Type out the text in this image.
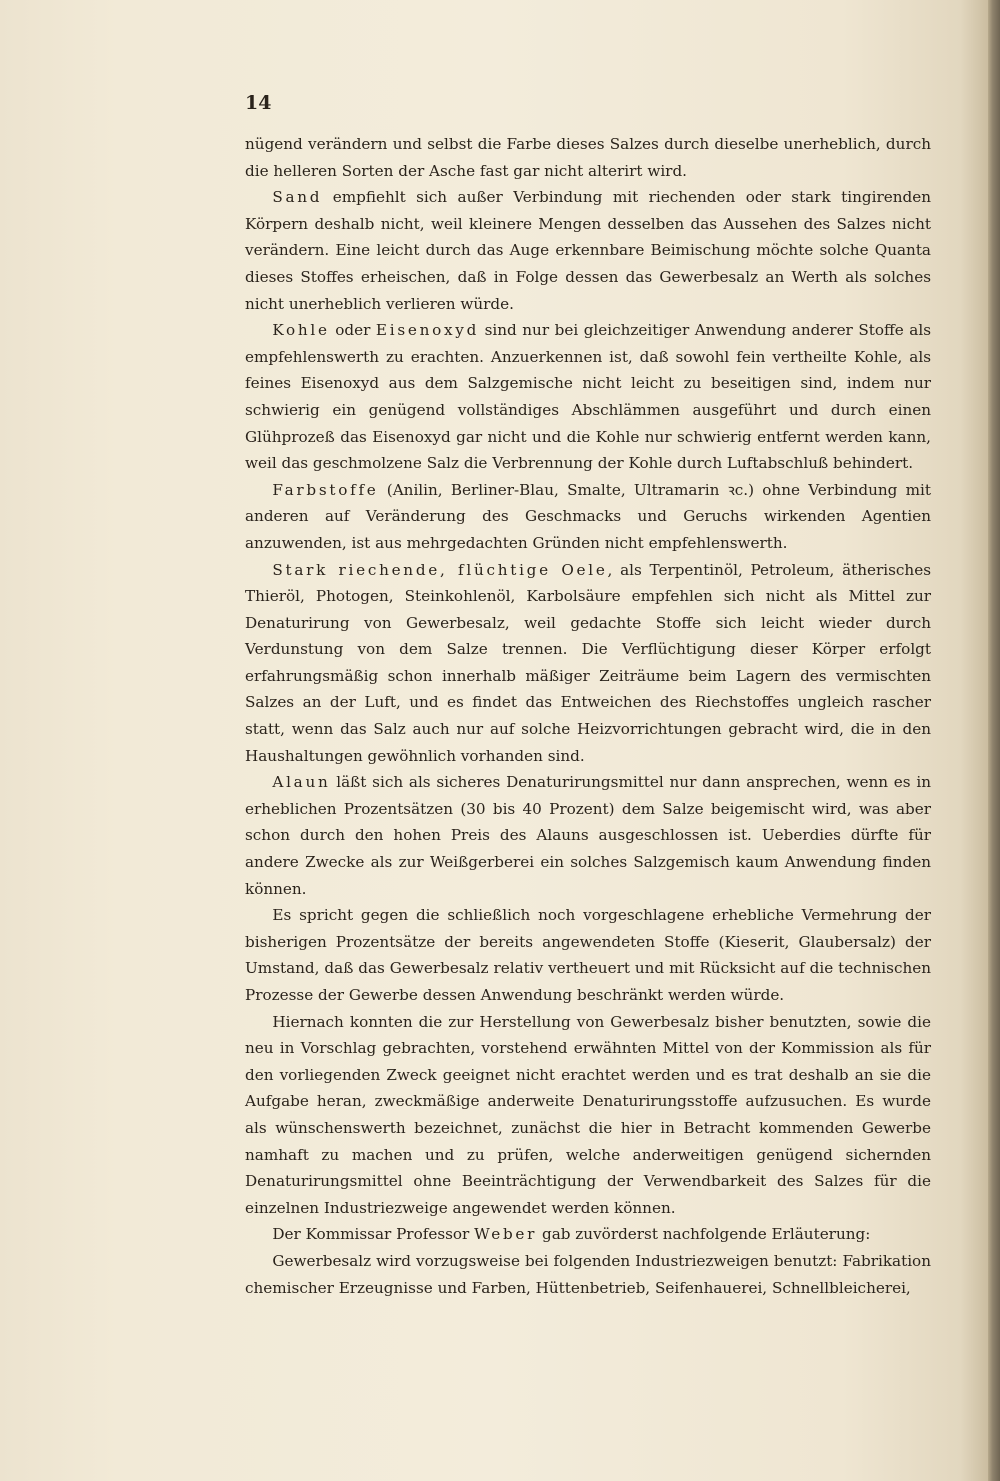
14

nügend verändern und selbst die Farbe dieses Salzes durch dieselbe unerheblich, durch die helleren Sorten der Asche fast gar nicht alterirt wird.

Sand empfiehlt sich außer Verbindung mit riechenden oder stark tingirenden Körpern deshalb nicht, weil kleinere Mengen desselben das Aussehen des Salzes nicht verändern. Eine leicht durch das Auge erkennbare Beimischung möchte solche Quanta dieses Stoffes erheischen, daß in Folge dessen das Gewerbesalz an Werth als solches nicht unerheblich verlieren würde.

Kohle oder Eisenoxyd sind nur bei gleichzeitiger Anwendung anderer Stoffe als empfehlenswerth zu erachten. Anzuerkennen ist, daß sowohl fein vertheilte Kohle, als feines Eisenoxyd aus dem Salzgemische nicht leicht zu beseitigen sind, indem nur schwierig ein genügend vollständiges Abschlämmen ausgeführt und durch einen Glühprozeß das Eisenoxyd gar nicht und die Kohle nur schwierig entfernt werden kann, weil das geschmolzene Salz die Verbrennung der Kohle durch Luftabschluß behindert.

Farbstoffe (Anilin, Berliner-Blau, Smalte, Ultramarin ꝛc.) ohne Verbindung mit anderen auf Veränderung des Geschmacks und Geruchs wirkenden Agentien anzuwenden, ist aus mehrgedachten Gründen nicht empfehlenswerth.

Stark riechende, flüchtige Oele, als Terpentinöl, Petroleum, ätherisches Thieröl, Photogen, Steinkohlenöl, Karbolsäure empfehlen sich nicht als Mittel zur Denaturirung von Gewerbesalz, weil gedachte Stoffe sich leicht wieder durch Verdunstung von dem Salze trennen. Die Verflüchtigung dieser Körper erfolgt erfahrungsmäßig schon innerhalb mäßiger Zeiträume beim Lagern des vermischten Salzes an der Luft, und es findet das Entweichen des Riechstoffes ungleich rascher statt, wenn das Salz auch nur auf solche Heizvorrichtungen gebracht wird, die in den Haushaltungen gewöhnlich vorhanden sind.

Alaun läßt sich als sicheres Denaturirungsmittel nur dann ansprechen, wenn es in erheblichen Prozentsätzen (30 bis 40 Prozent) dem Salze beigemischt wird, was aber schon durch den hohen Preis des Alauns ausgeschlossen ist. Ueberdies dürfte für andere Zwecke als zur Weißgerberei ein solches Salzgemisch kaum Anwendung finden können.

Es spricht gegen die schließlich noch vorgeschlagene erhebliche Vermehrung der bisherigen Prozentsätze der bereits angewendeten Stoffe (Kieserit, Glaubersalz) der Umstand, daß das Gewerbesalz relativ vertheuert und mit Rücksicht auf die technischen Prozesse der Gewerbe dessen Anwendung beschränkt werden würde.

Hiernach konnten die zur Herstellung von Gewerbesalz bisher benutzten, sowie die neu in Vorschlag gebrachten, vorstehend erwähnten Mittel von der Kommission als für den vorliegenden Zweck geeignet nicht erachtet werden und es trat deshalb an sie die Aufgabe heran, zweckmäßige anderweite Denaturirungsstoffe aufzusuchen. Es wurde als wünschenswerth bezeichnet, zunächst die hier in Betracht kommenden Gewerbe namhaft zu machen und zu prüfen, welche anderweitigen genügend sichernden Denaturirungsmittel ohne Beeinträchtigung der Verwendbarkeit des Salzes für die einzelnen Industriezweige angewendet werden können.

Der Kommissar Professor Weber gab zuvörderst nachfolgende Erläuterung:

Gewerbesalz wird vorzugsweise bei folgenden Industriezweigen benutzt: Fabrikation chemischer Erzeugnisse und Farben, Hüttenbetrieb, Seifenhauerei, Schnellbleicherei,
